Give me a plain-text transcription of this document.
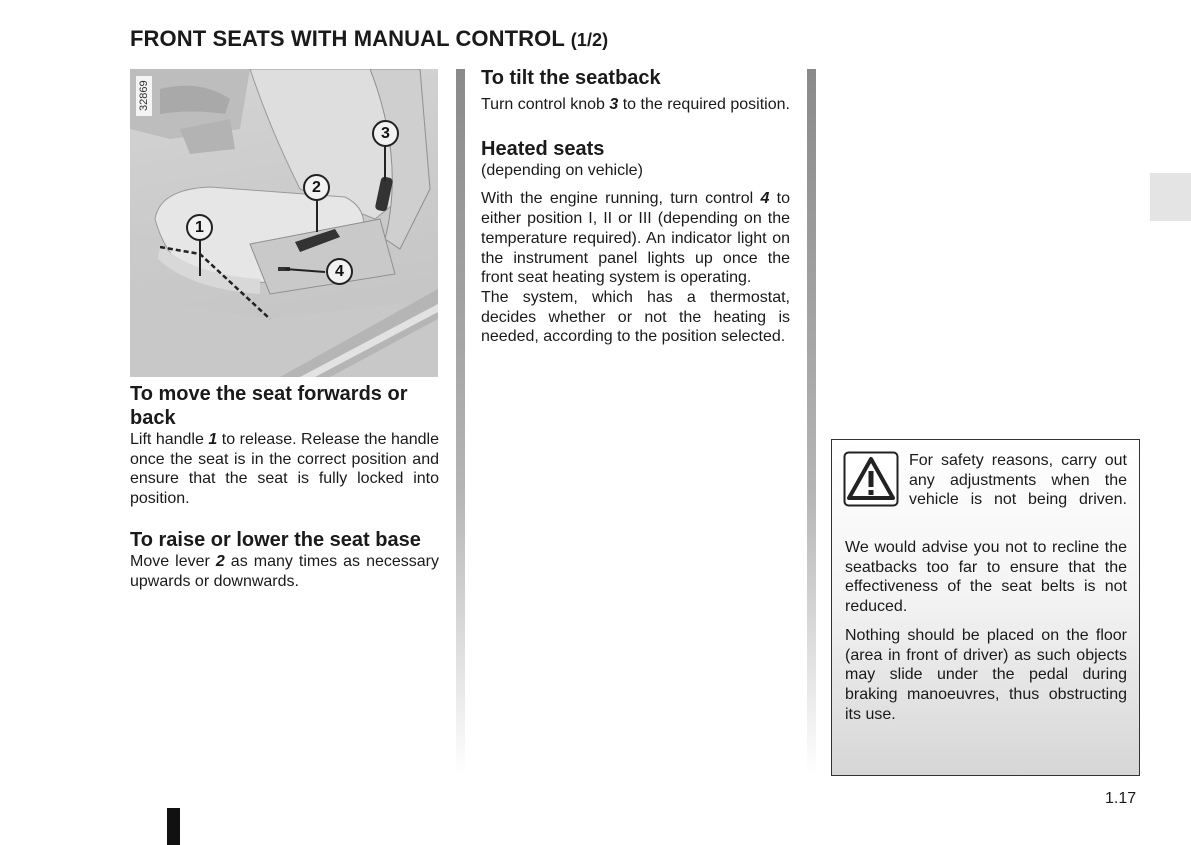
FRONT SEATS WITH MANUAL CONTROL (1/2)
32869
1
2
3
4
To move the seat forwards or back

Lift handle 1 to release. Release the handle once the seat is in the correct position and ensure that the seat is fully locked into position.

To raise or lower the seat base

Move lever 2 as many times as necessary upwards or downwards.

To tilt the seatback

Turn control knob 3 to the required position.

Heated seats

(depending on vehicle)

With the engine running, turn control 4 to either position I, II or III (depending on the temperature required). An indicator light on the instrument panel lights up once the front seat heating system is operating.

The system, which has a thermostat, decides whether or not the heating is needed, according to the position selected.

For safety reasons, carry out any adjustments when the vehicle is not being driven.

We would advise you not to recline the seatbacks too far to ensure that the effectiveness of the seat belts is not reduced.

Nothing should be placed on the floor (area in front of driver) as such objects may slide under the pedal during braking manoeuvres, thus obstructing its use.

1.17
